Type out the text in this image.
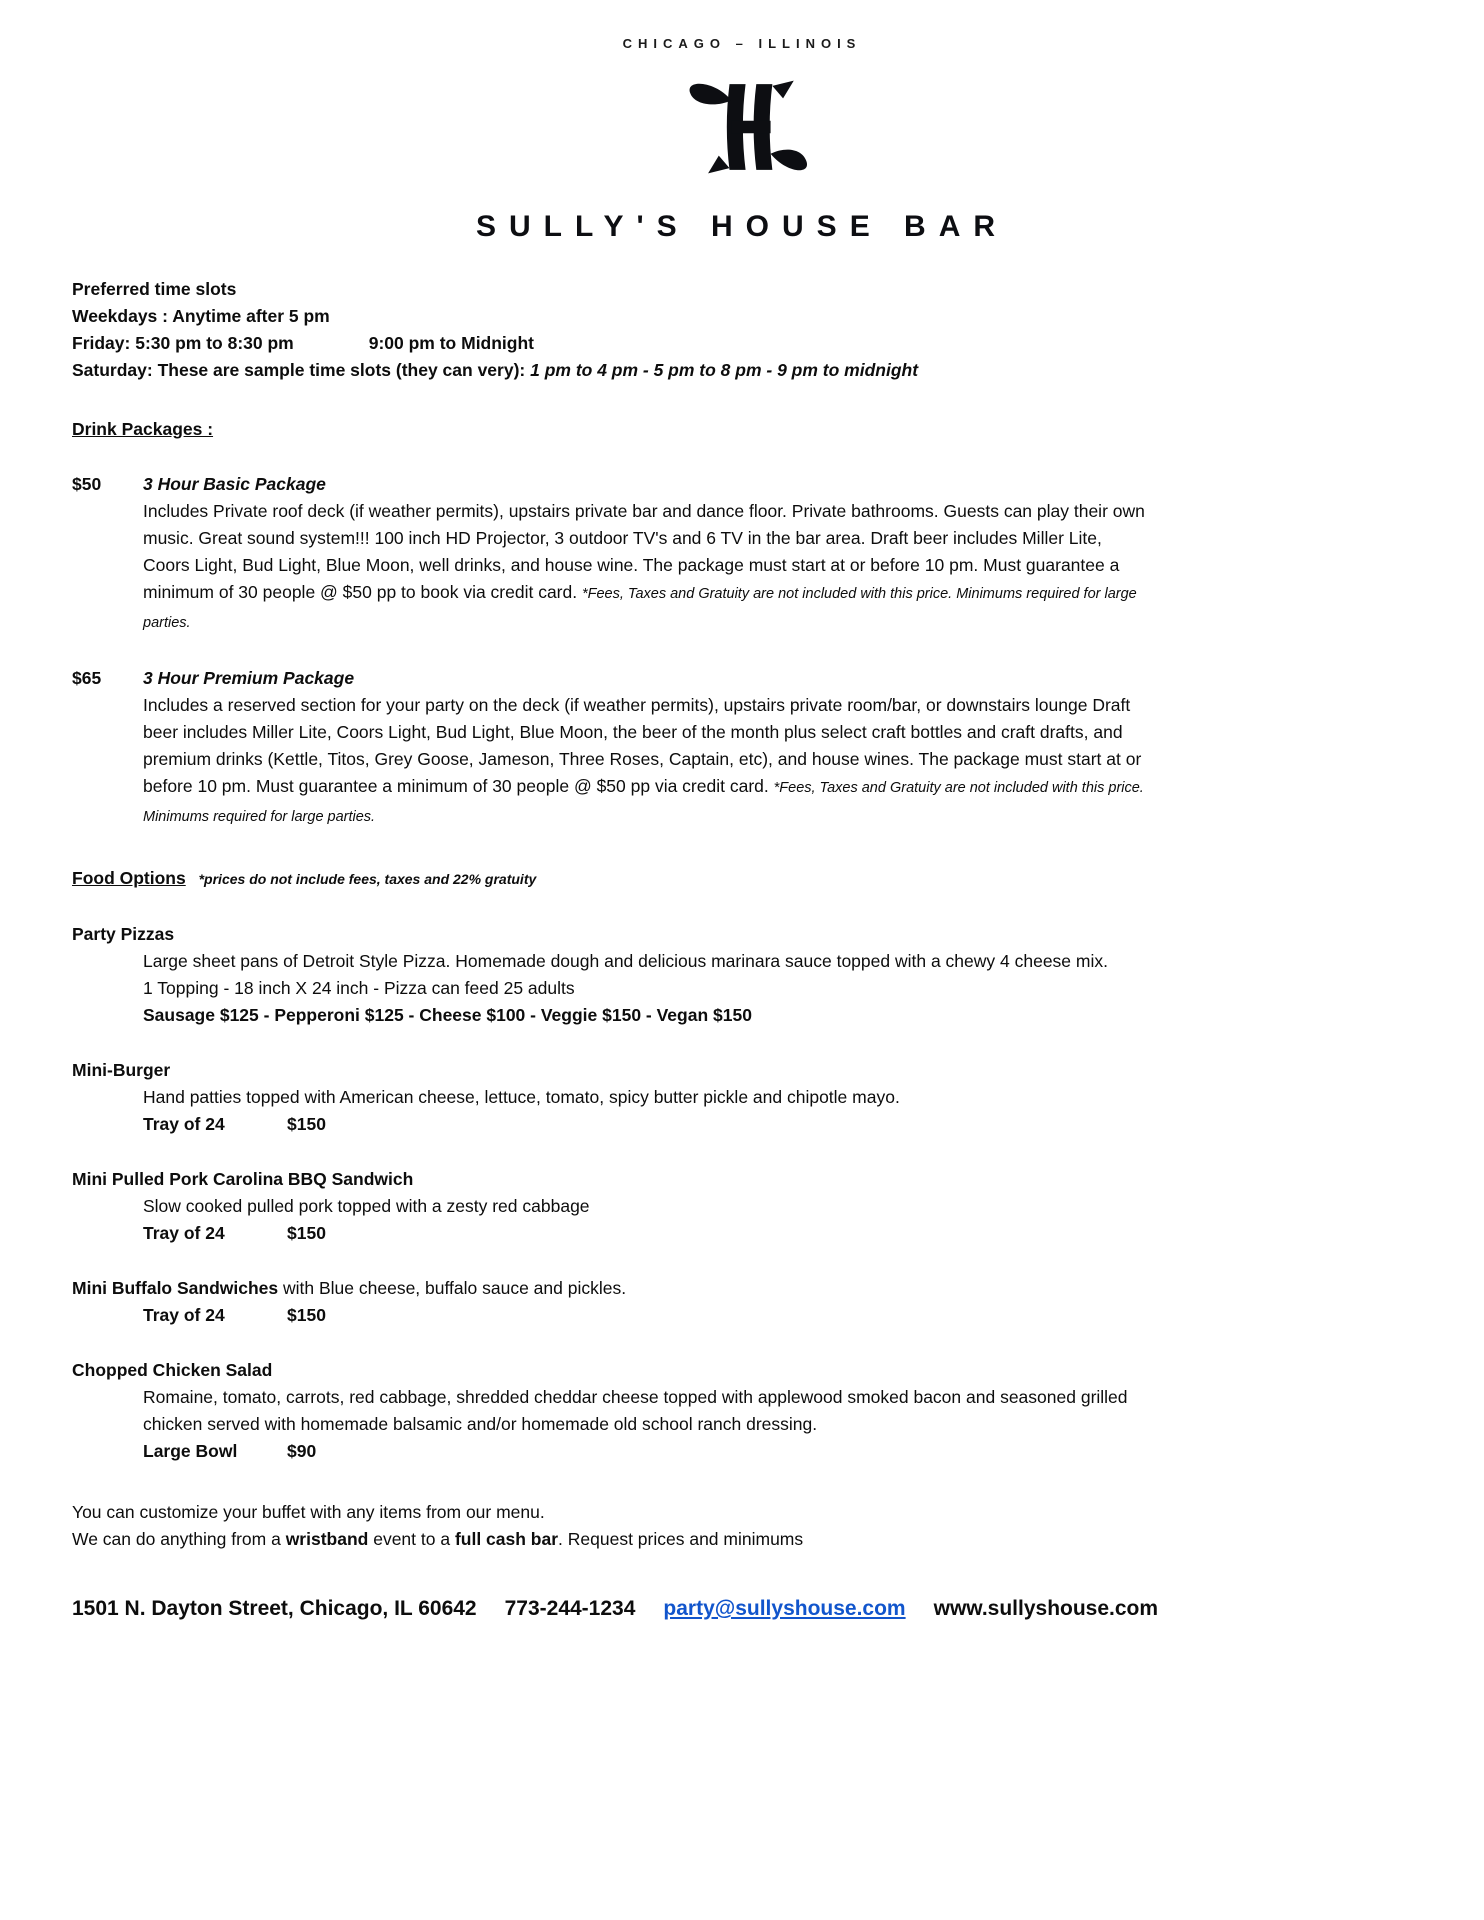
CHICAGO – ILLINOIS
SULLY'S HOUSE BAR
Preferred time slots
Weekdays : Anytime after 5 pm
Friday: 5:30 pm to 8:30 pm	9:00 pm to Midnight
Saturday: These are sample time slots (they can very): 1 pm to 4 pm - 5 pm to 8 pm - 9 pm to midnight
Drink Packages :
$50	3 Hour Basic Package

Includes Private roof deck (if weather permits), upstairs private bar and dance floor. Private bathrooms. Guests can play their own music. Great sound system!!! 100 inch HD Projector, 3 outdoor TV's and 6 TV in the bar area. Draft beer includes Miller Lite, Coors Light, Bud Light, Blue Moon, well drinks, and house wine. The package must start at or before 10 pm. Must guarantee a minimum of 30 people @ $50 pp to book via credit card. *Fees, Taxes and Gratuity are not included with this price. Minimums required for large parties.

$65	3 Hour Premium Package

Includes a reserved section for your party on the deck (if weather permits), upstairs private room/bar, or downstairs lounge Draft beer includes Miller Lite, Coors Light, Bud Light, Blue Moon, the beer of the month plus select craft bottles and craft drafts, and premium drinks (Kettle, Titos, Grey Goose, Jameson, Three Roses, Captain, etc), and house wines. The package must start at or before 10 pm. Must guarantee a minimum of 30 people @ $50 pp via credit card. *Fees, Taxes and Gratuity are not included with this price. Minimums required for large parties.

Food Options *prices do not include fees, taxes and 22% gratuity
Party Pizzas

Large sheet pans of Detroit Style Pizza. Homemade dough and delicious marinara sauce topped with a chewy 4 cheese mix.

1 Topping - 18 inch X 24 inch - Pizza can feed 25 adults

Sausage $125 - Pepperoni $125 - Cheese $100 - Veggie $150 - Vegan $150

Mini-Burger

Hand patties topped with American cheese, lettuce, tomato, spicy butter pickle and chipotle mayo.

Tray of 24	$150

Mini Pulled Pork Carolina BBQ Sandwich

Slow cooked pulled pork topped with a zesty red cabbage

Tray of 24	$150

Mini Buffalo Sandwiches with Blue cheese, buffalo sauce and pickles.

Tray of 24	$150

Chopped Chicken Salad

Romaine, tomato, carrots, red cabbage, shredded cheddar cheese topped with applewood smoked bacon and seasoned grilled chicken served with homemade balsamic and/or homemade old school ranch dressing.

Large Bowl	$90

You can customize your buffet with any items from our menu.
We can do anything from a wristband event to a full cash bar. Request prices and minimums
1501 N. Dayton Street, Chicago, IL 60642 773-244-1234 party@sullyshouse.com www.sullyshouse.com
